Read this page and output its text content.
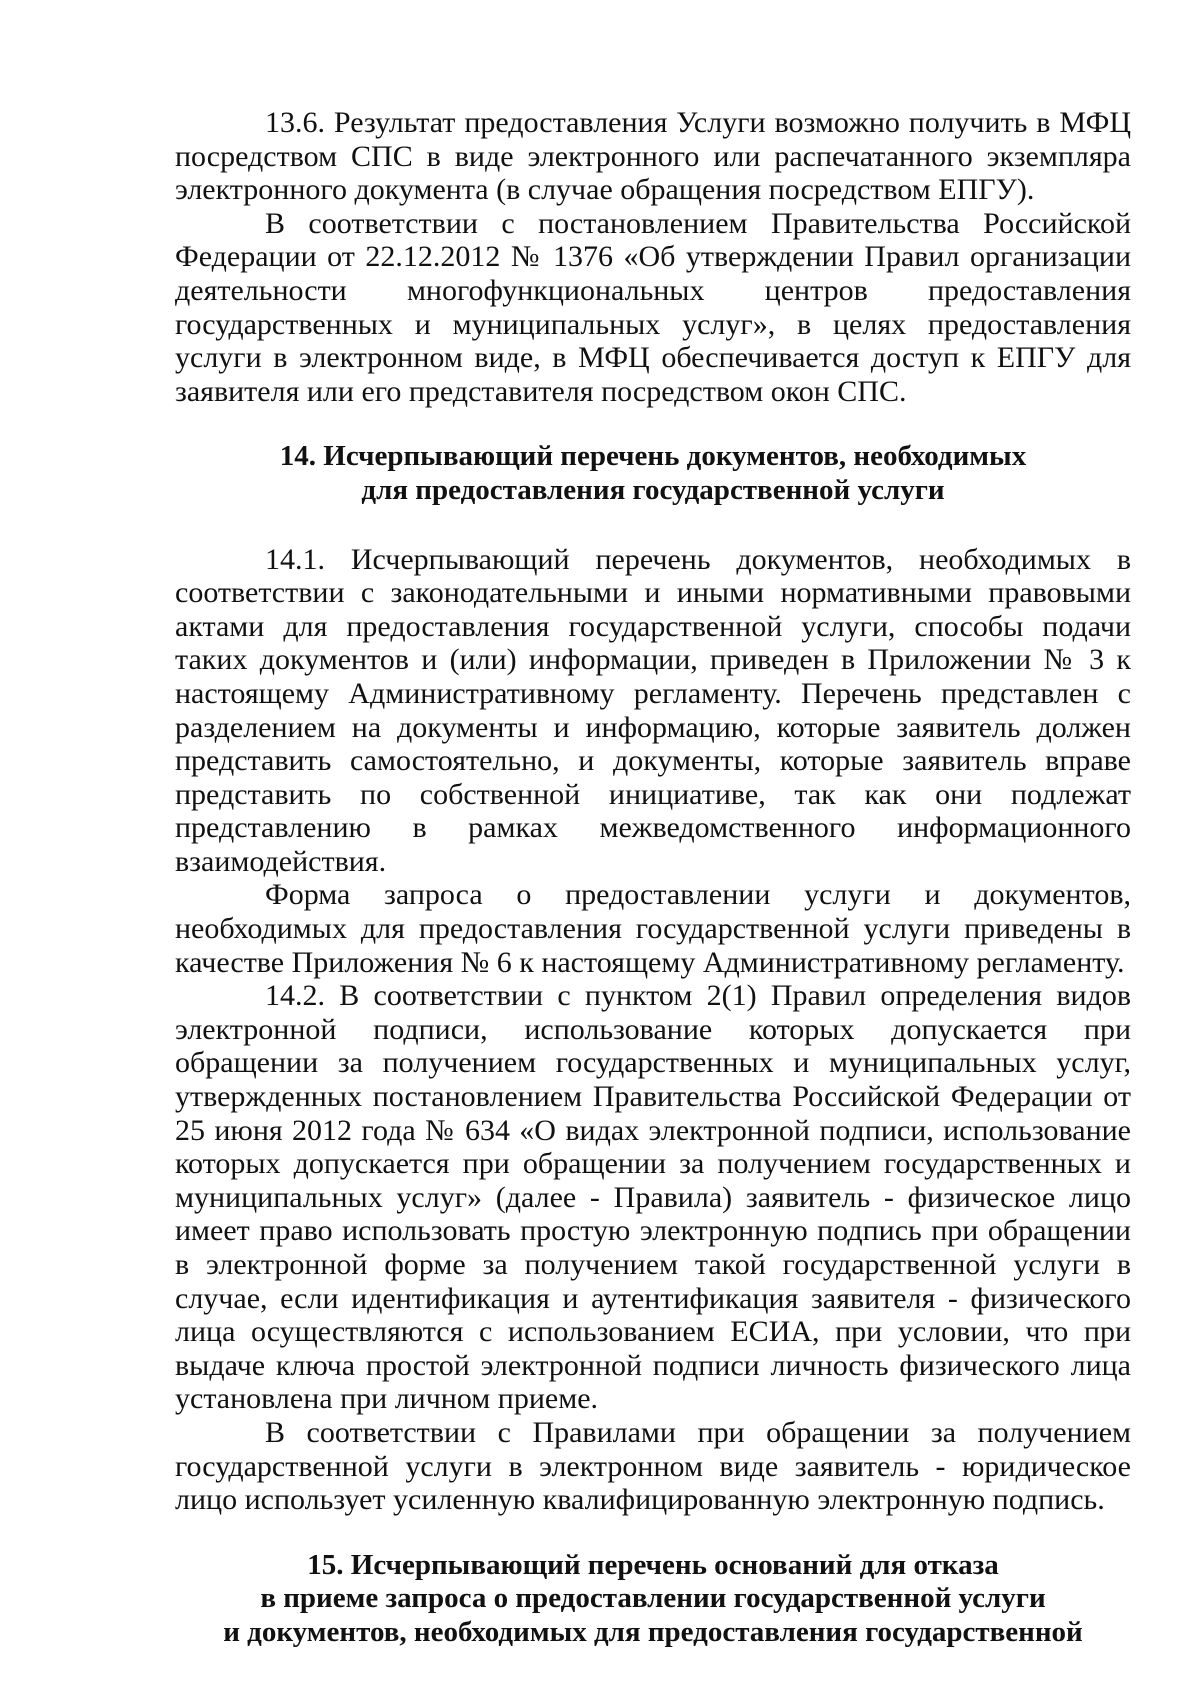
13.6. Результат предоставления Услуги возможно получить в МФЦ посредством СПС в виде электронного или распечатанного экземпляра электронного документа (в случае обращения посредством ЕПГУ).

В соответствии с постановлением Правительства Российской Федерации от 22.12.2012 № 1376 «Об утверждении Правил организации деятельности многофункциональных центров предоставления государственных и муниципальных услуг», в целях предоставления услуги в электронном виде, в МФЦ обеспечивается доступ к ЕПГУ для заявителя или его представителя посредством окон СПС.

14. Исчерпывающий перечень документов, необходимых
для предоставления государственной услуги

14.1. Исчерпывающий перечень документов, необходимых в соответствии с законодательными и иными нормативными правовыми актами для предоставления государственной услуги, способы подачи таких документов и (или) информации, приведен в Приложении № 3 к настоящему Административному регламенту. Перечень представлен с разделением на документы и информацию, которые заявитель должен представить самостоятельно, и документы, которые заявитель вправе представить по собственной инициативе, так как они подлежат представлению в рамках межведомственного информационного взаимодействия.

Форма запроса о предоставлении услуги и документов, необходимых для предоставления государственной услуги приведены в качестве Приложения № 6 к настоящему Административному регламенту.

14.2. В соответствии с пунктом 2(1) Правил определения видов электронной подписи, использование которых допускается при обращении за получением государственных и муниципальных услуг, утвержденных постановлением Правительства Российской Федерации от 25 июня 2012 года № 634 «О видах электронной подписи, использование которых допускается при обращении за получением государственных и муниципальных услуг» (далее - Правила) заявитель - физическое лицо имеет право использовать простую электронную подпись при обращении в электронной форме за получением такой государственной услуги в случае, если идентификация и аутентификация заявителя - физического лица осуществляются с использованием ЕСИА, при условии, что при выдаче ключа простой электронной подписи личность физического лица установлена при личном приеме.

В соответствии с Правилами при обращении за получением государственной услуги в электронном виде заявитель - юридическое лицо использует усиленную квалифицированную электронную подпись.

15. Исчерпывающий перечень оснований для отказа
в приеме запроса о предоставлении государственной услуги
и документов, необходимых для предоставления государственной
